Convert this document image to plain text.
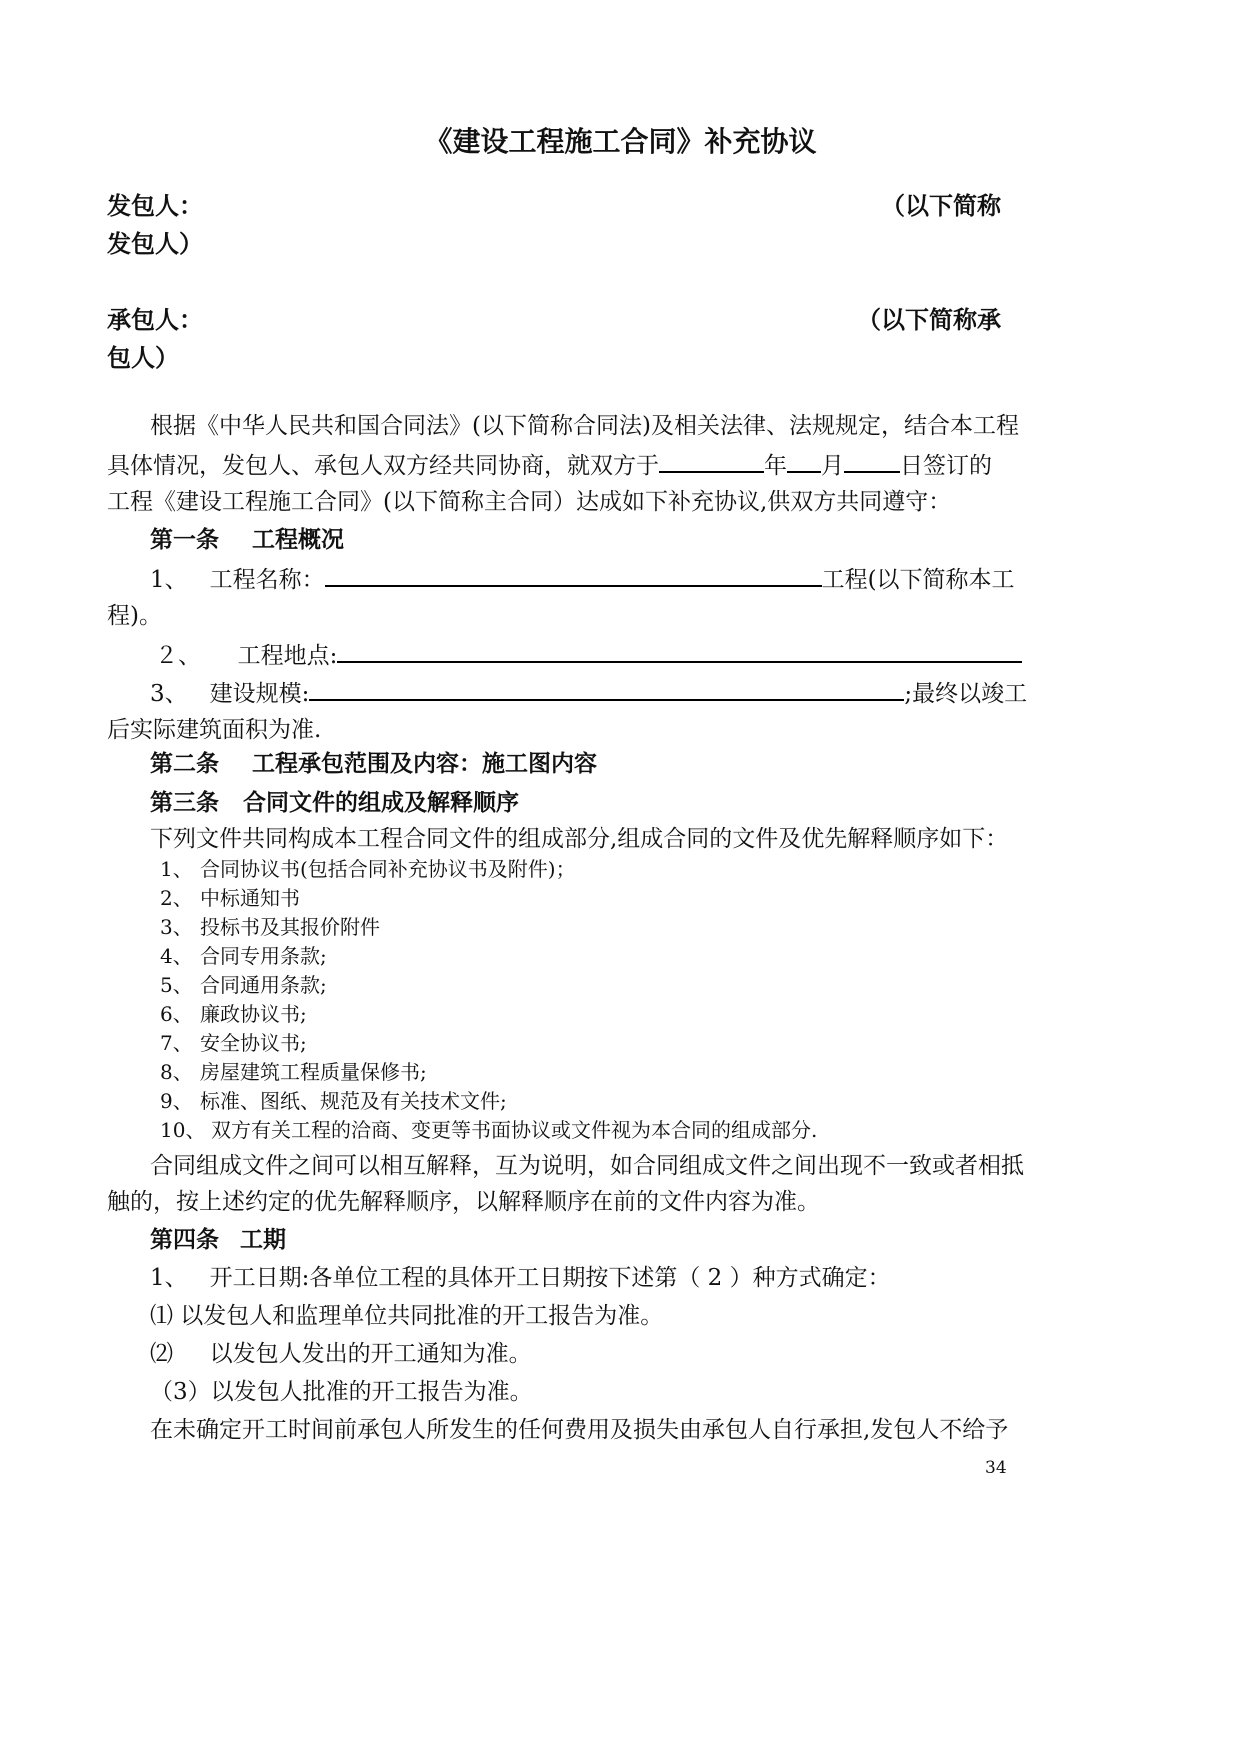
《建设工程施工合同》补充协议
发包人：	（以下简称
发包人）
承包人：	（以下简称承
包人）
根据《中华人民共和国合同法》(以下简称合同法)及相关法律、法规规定，结合本工程
具体情况，发包人、承包人双方经共同协商，就双方于	年 月 日签订的
工程《建设工程施工合同》(以下简称主合同）达成如下补充协议,供双方共同遵守：
第一条 工程概况
1、 工程名称：	工程(以下简称本工
程)。
２、 工程地点:
3、 建设规模:	;最终以竣工
后实际建筑面积为准.
第二条 工程承包范围及内容：施工图内容
第三条 合同文件的组成及解释顺序
下列文件共同构成本工程合同文件的组成部分,组成合同的文件及优先解释顺序如下：
1、 合同协议书(包括合同补充协议书及附件)；
2、 中标通知书
3、 投标书及其报价附件
4、 合同专用条款;
5、 合同通用条款;
6、 廉政协议书;
7、 安全协议书;
8、 房屋建筑工程质量保修书;
9、 标准、图纸、规范及有关技术文件;
10、 双方有关工程的洽商、变更等书面协议或文件视为本合同的组成部分.
合同组成文件之间可以相互解释，互为说明，如合同组成文件之间出现不一致或者相抵
触的，按上述约定的优先解释顺序，以解释顺序在前的文件内容为准。
第四条 工期
1、 开工日期:各单位工程的具体开工日期按下述第（ 2 ）种方式确定：
⑴ 以发包人和监理单位共同批准的开工报告为准。
⑵ 以发包人发出的开工通知为准。
（3）以发包人批准的开工报告为准。
在未确定开工时间前承包人所发生的任何费用及损失由承包人自行承担,发包人不给予
34
